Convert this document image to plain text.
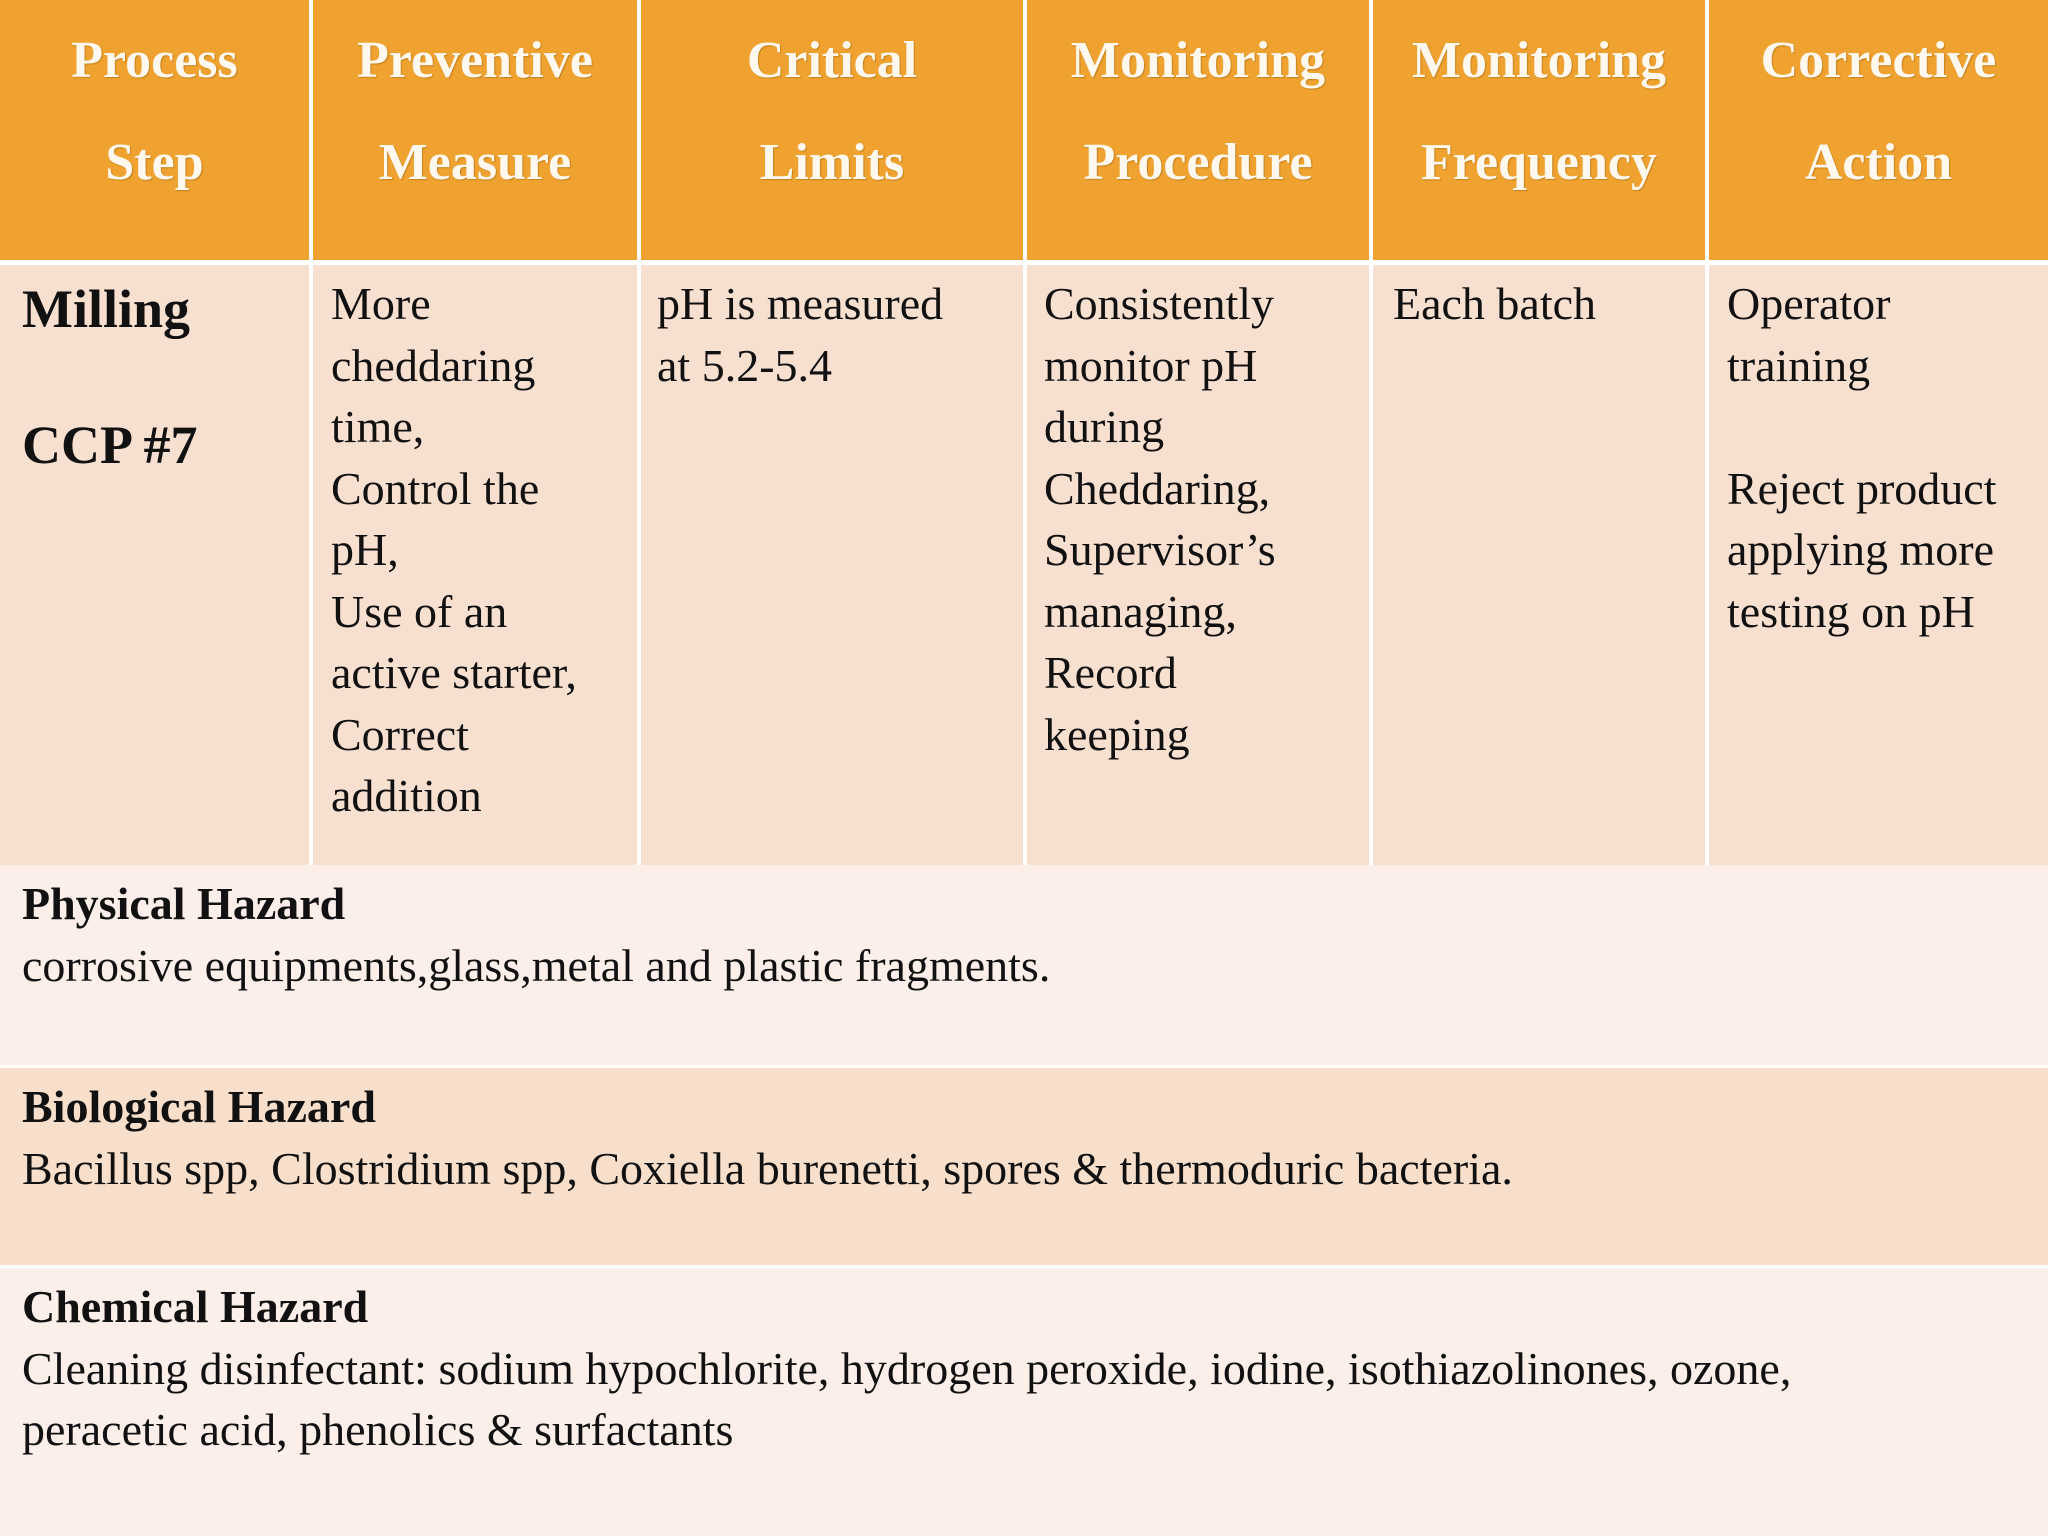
Process
Step
Preventive
Measure
Critical
Limits
Monitoring
Procedure
Monitoring
Frequency
Corrective
Action
Milling
CCP #7
More
cheddaring
time,
Control the
pH,
Use of an
active starter,
Correct
addition
pH is measured
at 5.2-5.4
Consistently
monitor pH
during
Cheddaring,
Supervisor’s
managing,
Record
keeping
Each batch	Operator
training
Reject product
applying more
testing on pH
Physical Hazard
corrosive equipments,glass,metal and plastic fragments.
Biological Hazard
Bacillus spp, Clostridium spp, Coxiella burenetti, spores & thermoduric bacteria.
Chemical Hazard
Cleaning disinfectant: sodium hypochlorite, hydrogen peroxide, iodine, isothiazolinones, ozone,
peracetic acid, phenolics & surfactants
